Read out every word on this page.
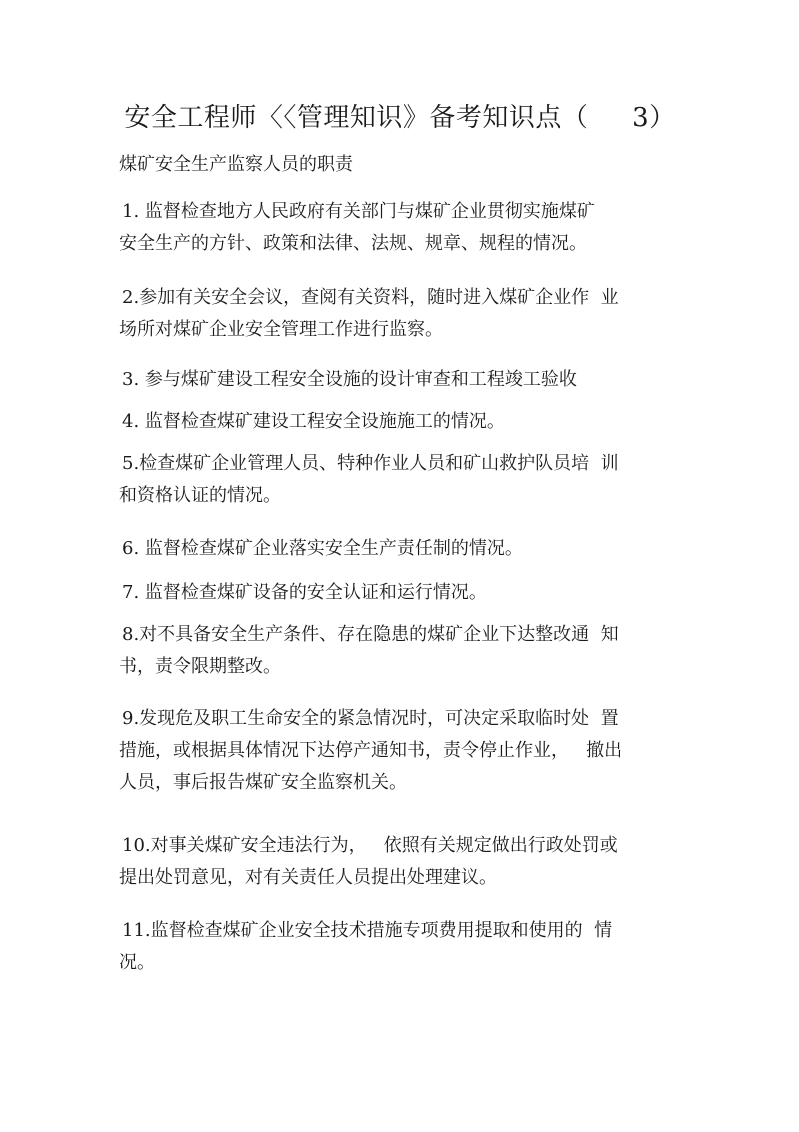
安全工程师〈〈管理知识》备考知识点（     3）
煤矿安全生产监察人员的职责
1. 监督检查地方人民政府有关部门与煤矿企业贯彻实施煤矿
安全生产的方针、政策和法律、法规、规章、规程的情况。
2.参加有关安全会议，查阅有关资料，随时进入煤矿企业作  业
场所对煤矿企业安全管理工作进行监察。
3. 参与煤矿建设工程安全设施的设计审查和工程竣工验收
4. 监督检查煤矿建设工程安全设施施工的情况。
5.检查煤矿企业管理人员、特种作业人员和矿山救护队员培  训
和资格认证的情况。
6. 监督检查煤矿企业落实安全生产责任制的情况。
7. 监督检查煤矿设备的安全认证和运行情况。
8.对不具备安全生产条件、存在隐患的煤矿企业下达整改通  知
书，责令限期整改。
9.发现危及职工生命安全的紧急情况时，可决定采取临时处  置
措施，或根据具体情况下达停产通知书，责令停止作业，   撤出
人员，事后报告煤矿安全监察机关。
10.对事关煤矿安全违法行为，   依照有关规定做出行政处罚或
提出处罚意见，对有关责任人员提出处理建议。
11.监督检查煤矿企业安全技术措施专项费用提取和使用的  情
况。
